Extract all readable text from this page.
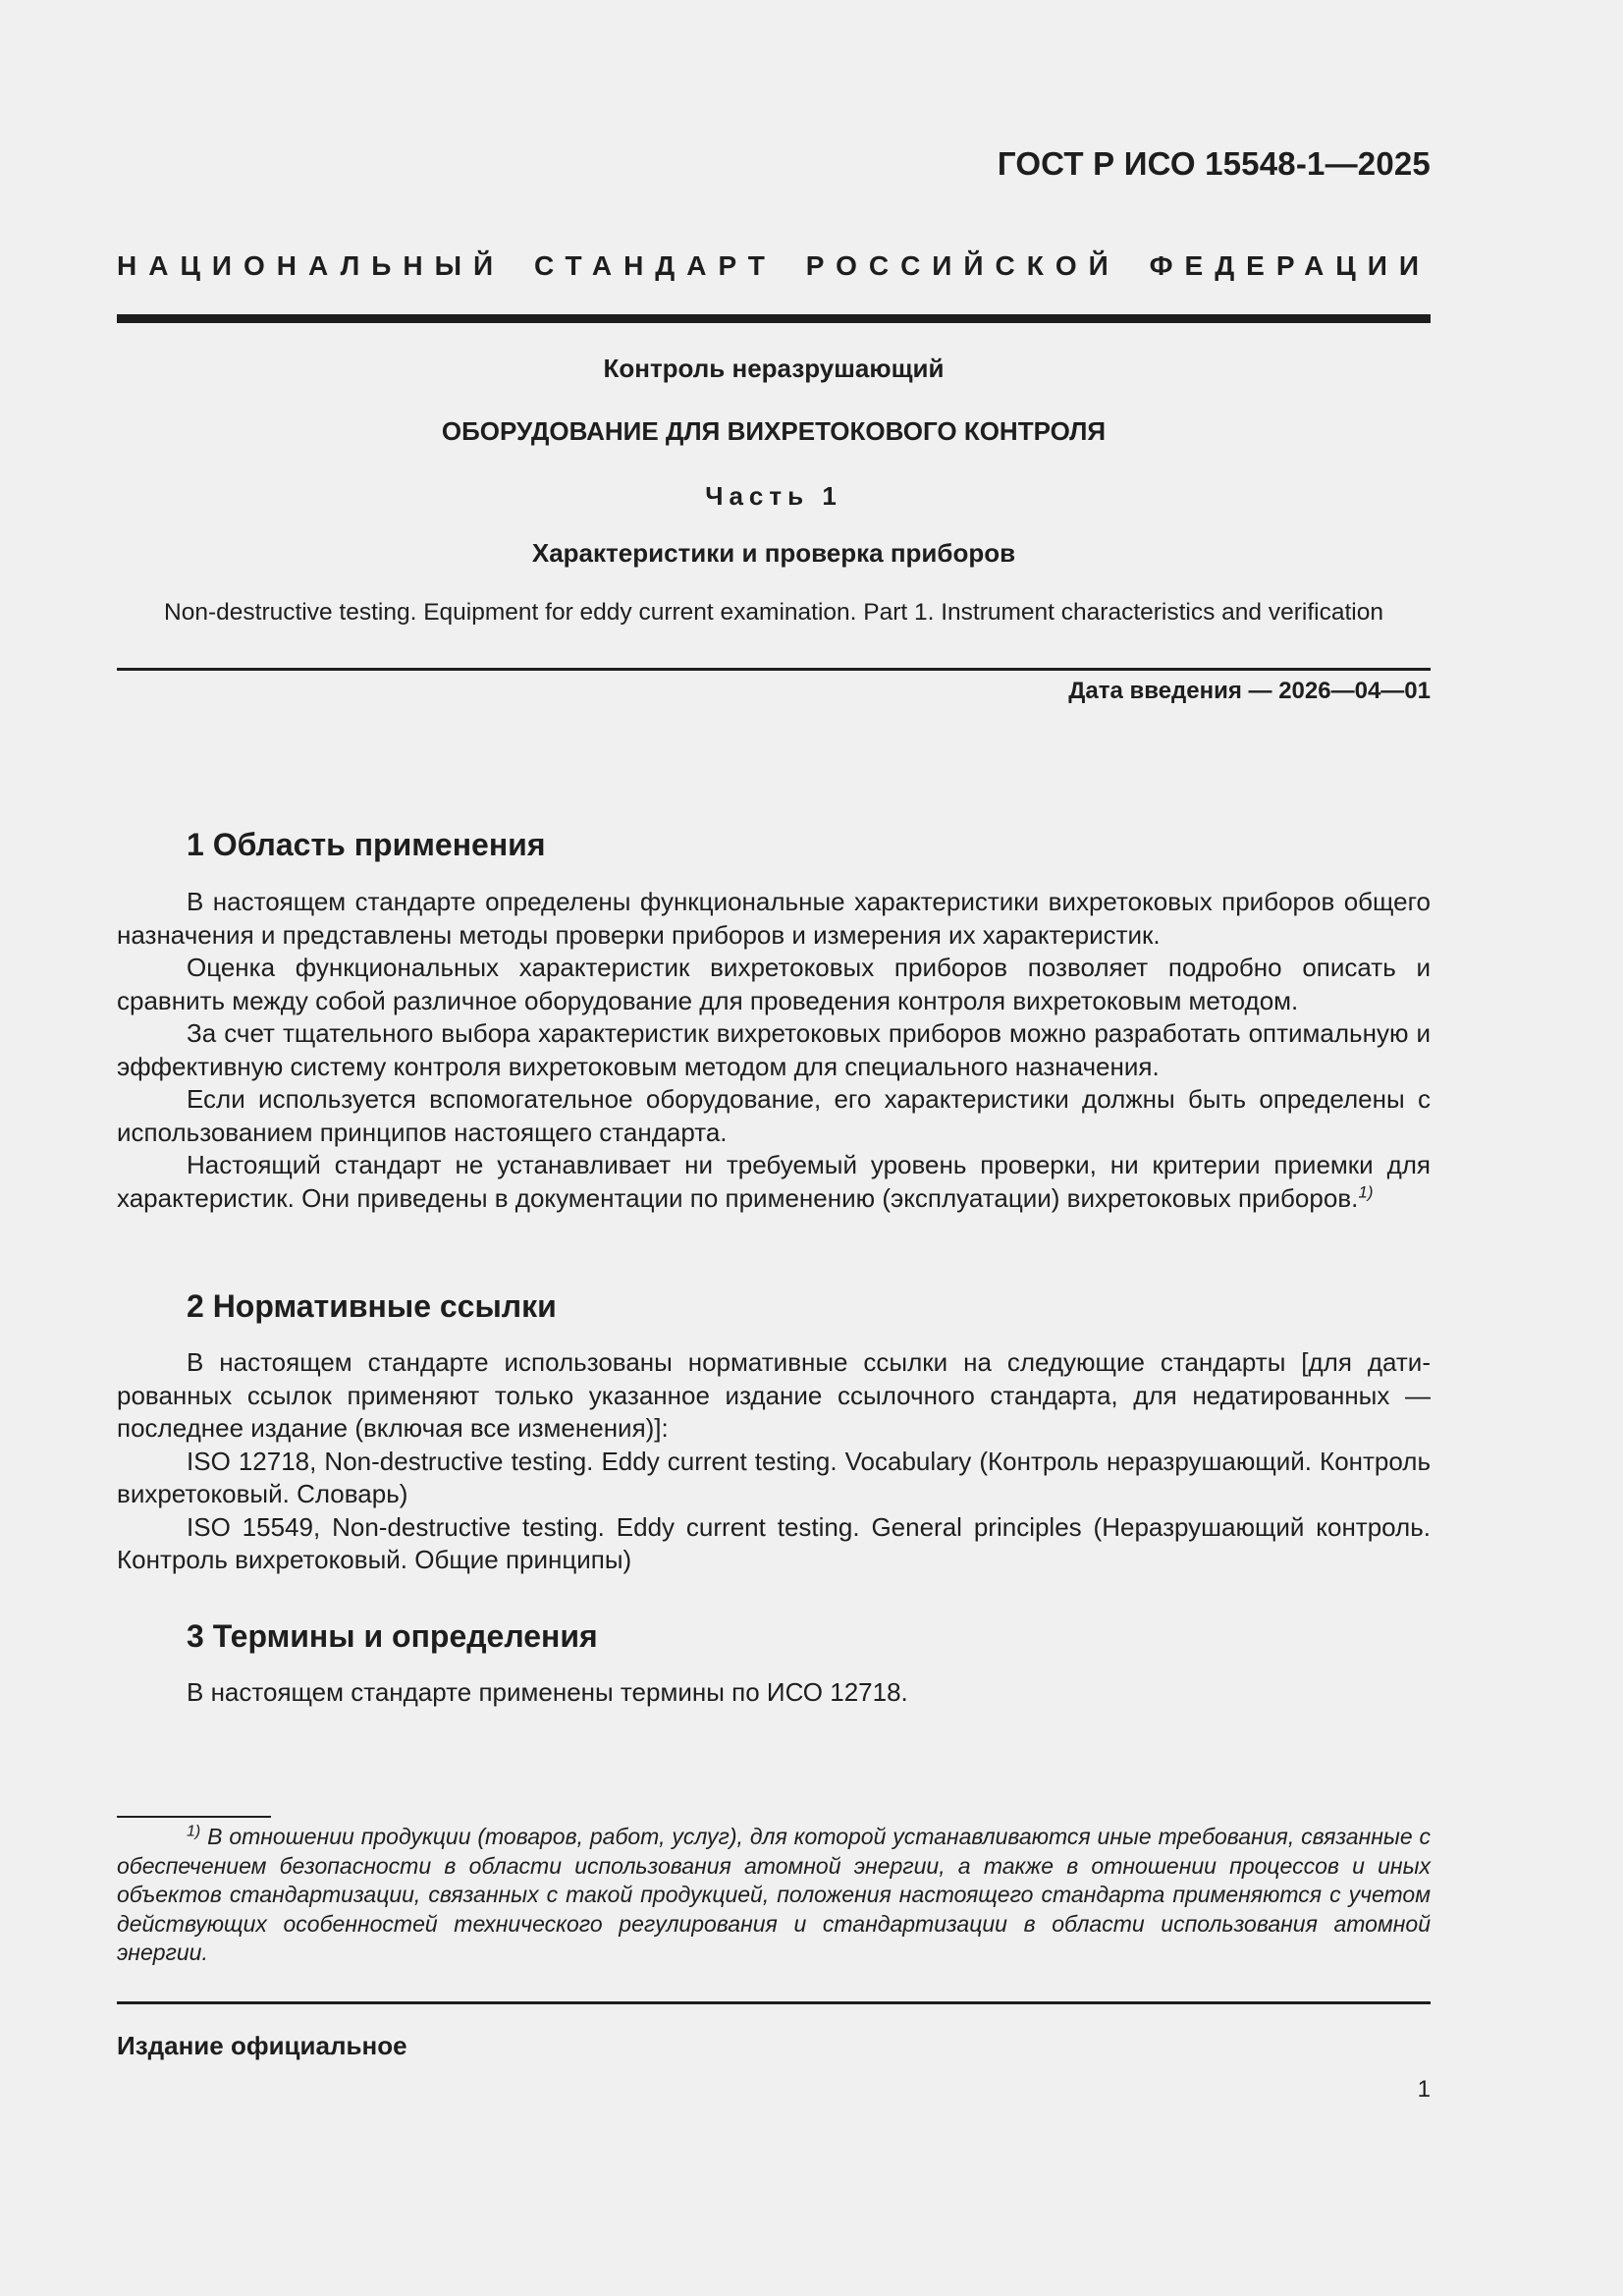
ГОСТ Р ИСО 15548-1—2025
НАЦИОНАЛЬНЫЙ СТАНДАРТ РОССИЙСКОЙ ФЕДЕРАЦИИ
Контроль неразрушающий
ОБОРУДОВАНИЕ ДЛЯ ВИХРЕТОКОВОГО КОНТРОЛЯ
Часть 1
Характеристики и проверка приборов
Non-destructive testing. Equipment for eddy current examination. Part 1. Instrument characteristics and verification
Дата введения — 2026—04—01
1 Область применения

В настоящем стандарте определены функциональные характеристики вихретоковых приборов общего назначения и представлены методы проверки приборов и измерения их характеристик.

Оценка функциональных характеристик вихретоковых приборов позволяет подробно описать и сравнить между собой различное оборудование для проведения контроля вихретоковым методом.

За счет тщательного выбора характеристик вихретоковых приборов можно разработать оптимальную и эффективную систему контроля вихретоковым методом для специального назначения.

Если используется вспомогательное оборудование, его характеристики должны быть определены с использованием принципов настоящего стандарта.

Настоящий стандарт не устанавливает ни требуемый уровень проверки, ни критерии приемки для характеристик. Они приведены в документации по применению (эксплуатации) вихретоковых приборов.$^{1)}$

2 Нормативные ссылки

В настоящем стандарте использованы нормативные ссылки на следующие стандарты [для датированных ссылок применяют только указанное издание ссылочного стандарта, для недатированных — последнее издание (включая все изменения)]:

ISO 12718, Non-destructive testing. Eddy current testing. Vocabulary (Контроль неразрушающий. Контроль вихретоковый. Словарь)

ISO 15549, Non-destructive testing. Eddy current testing. General principles (Неразрушающий контроль. Контроль вихретоковый. Общие принципы)

3 Термины и определения

В настоящем стандарте применены термины по ИСО 12718.

$^{1)}$ В отношении продукции (товаров, работ, услуг), для которой устанавливаются иные требования, связанные с обеспечением безопасности в области использования атомной энергии, а также в отношении процессов и иных объектов стандартизации, связанных с такой продукцией, положения настоящего стандарта применяются с учетом действующих особенностей технического регулирования и стандартизации в области использования атомной энергии.

Издание официальное
1
